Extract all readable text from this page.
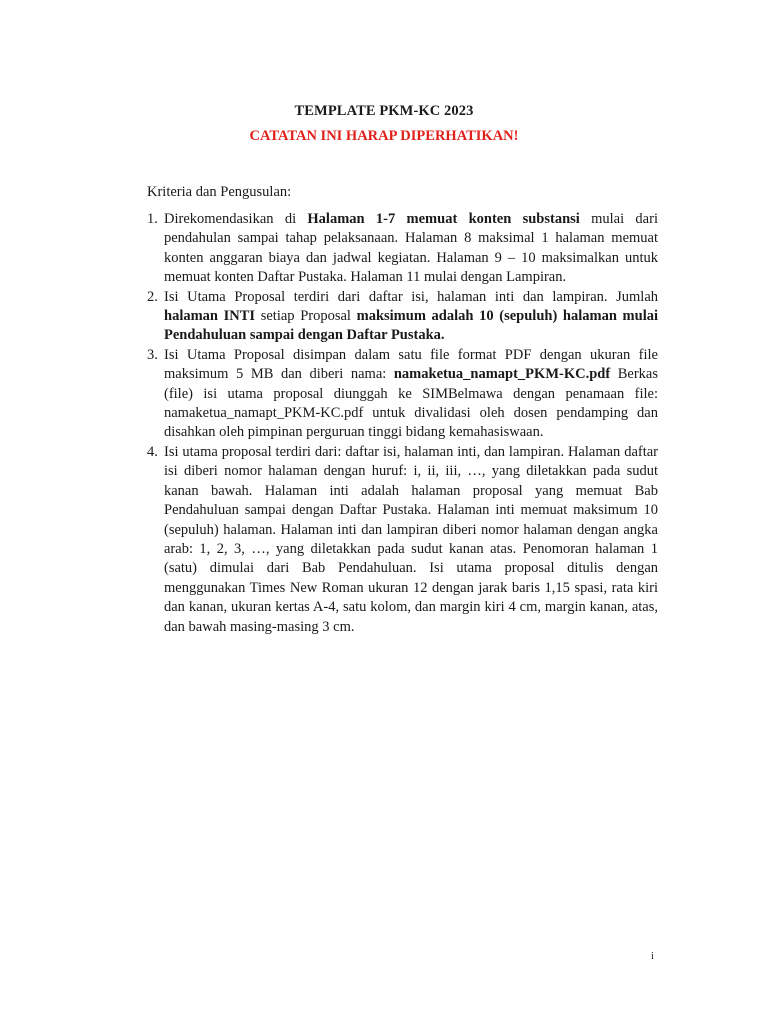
TEMPLATE PKM-KC 2023
CATATAN INI HARAP DIPERHATIKAN!
Kriteria dan Pengusulan:
1. Direkomendasikan di Halaman 1-7 memuat konten substansi mulai dari pendahulan sampai tahap pelaksanaan. Halaman 8 maksimal 1 halaman memuat konten anggaran biaya dan jadwal kegiatan. Halaman 9 – 10 maksimalkan untuk memuat konten Daftar Pustaka. Halaman 11 mulai dengan Lampiran.
2. Isi Utama Proposal terdiri dari daftar isi, halaman inti dan lampiran. Jumlah halaman INTI setiap Proposal maksimum adalah 10 (sepuluh) halaman mulai Pendahuluan sampai dengan Daftar Pustaka.
3. Isi Utama Proposal disimpan dalam satu file format PDF dengan ukuran file maksimum 5 MB dan diberi nama: namaketua_namapt_PKM-KC.pdf Berkas (file) isi utama proposal diunggah ke SIMBelmawa dengan penamaan file: namaketua_namapt_PKM-KC.pdf untuk divalidasi oleh dosen pendamping dan disahkan oleh pimpinan perguruan tinggi bidang kemahasiswaan.
4. Isi utama proposal terdiri dari: daftar isi, halaman inti, dan lampiran. Halaman daftar isi diberi nomor halaman dengan huruf: i, ii, iii, …, yang diletakkan pada sudut kanan bawah. Halaman inti adalah halaman proposal yang memuat Bab Pendahuluan sampai dengan Daftar Pustaka. Halaman inti memuat maksimum 10 (sepuluh) halaman. Halaman inti dan lampiran diberi nomor halaman dengan angka arab: 1, 2, 3, …, yang diletakkan pada sudut kanan atas. Penomoran halaman 1 (satu) dimulai dari Bab Pendahuluan. Isi utama proposal ditulis dengan menggunakan Times New Roman ukuran 12 dengan jarak baris 1,15 spasi, rata kiri dan kanan, ukuran kertas A-4, satu kolom, dan margin kiri 4 cm, margin kanan, atas, dan bawah masing-masing 3 cm.
i
